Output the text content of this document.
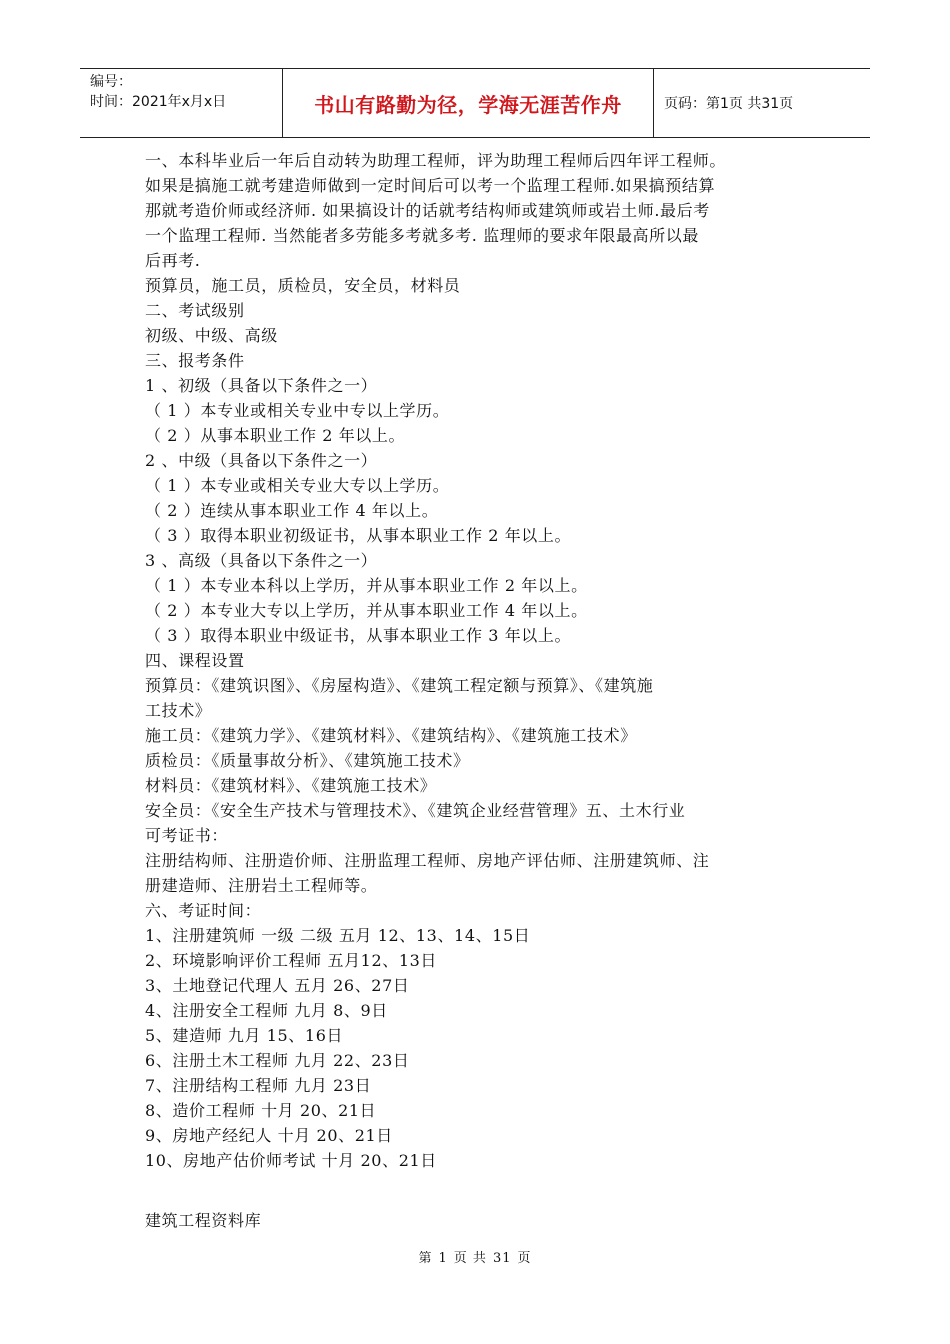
编号：
时间：2021年x月x日	书山有路勤为径，学海无涯苦作舟	页码：第1页 共31页
一、本科毕业后一年后自动转为助理工程师，评为助理工程师后四年评工程师。
如果是搞施工就考建造师做到一定时间后可以考一个监理工程师.如果搞预结算
那就考造价师或经济师. 如果搞设计的话就考结构师或建筑师或岩土师.最后考
一个监理工程师. 当然能者多劳能多考就多考. 监理师的要求年限最高所以最
后再考.
预算员，施工员，质检员，安全员，材料员
二、考试级别
初级、中级、高级
三、报考条件
1 、初级（具备以下条件之一）
（ 1 ）本专业或相关专业中专以上学历。
（ 2 ）从事本职业工作 2 年以上。
2 、中级（具备以下条件之一）
（ 1 ）本专业或相关专业大专以上学历。
（ 2 ）连续从事本职业工作 4 年以上。
（ 3 ）取得本职业初级证书，从事本职业工作 2 年以上。
3 、高级（具备以下条件之一）
（ 1 ）本专业本科以上学历，并从事本职业工作 2 年以上。
（ 2 ）本专业大专以上学历，并从事本职业工作 4 年以上。
（ 3 ）取得本职业中级证书，从事本职业工作 3 年以上。
四、课程设置
预算员：《建筑识图》、《房屋构造》、《建筑工程定额与预算》、《建筑施
工技术》
施工员：《建筑力学》、《建筑材料》、《建筑结构》、《建筑施工技术》
质检员：《质量事故分析》、《建筑施工技术》
材料员：《建筑材料》、《建筑施工技术》
安全员：《安全生产技术与管理技术》、《建筑企业经营管理》五、土木行业
可考证书：
注册结构师、注册造价师、注册监理工程师、房地产评估师、注册建筑师、注
册建造师、注册岩土工程师等。
六、考证时间：
1、注册建筑师 一级 二级 五月 12、13、14、15日
2、环境影响评价工程师 五月12、13日
3、土地登记代理人 五月 26、27日
4、注册安全工程师 九月 8、9日
5、建造师 九月 15、16日
6、注册土木工程师 九月 22、23日
7、注册结构工程师 九月 23日
8、造价工程师 十月 20、21日
9、房地产经纪人 十月 20、21日
10、房地产估价师考试 十月 20、21日
建筑工程资料库
第 1 页 共 31 页
